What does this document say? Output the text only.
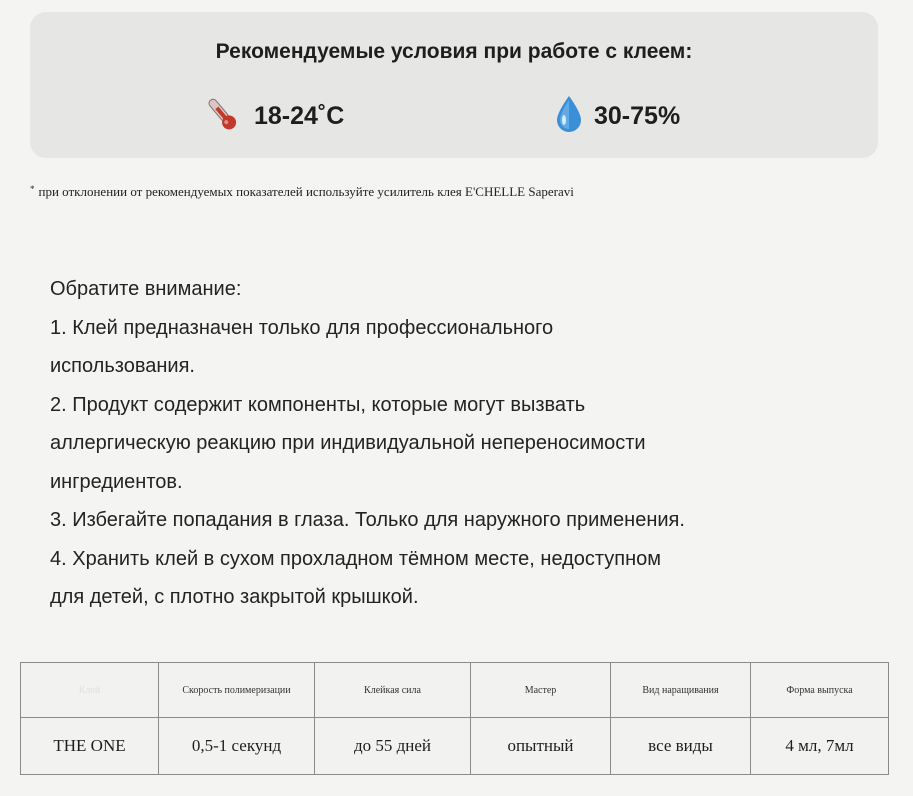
Рекомендуемые условия при работе с клеем:
18-24˚C	30-75%
* при отклонении от рекомендуемых показателей используйте усилитель клея E'CHELLE Saperavi
Обратите внимание:
1. Клей предназначен только для профессионального
использования.
2. Продукт содержит компоненты, которые могут вызвать
аллергическую реакцию при индивидуальной непереносимости
ингредиентов.
3. Избегайте попадания в глаза. Только для наружного применения.
4. Хранить клей в сухом прохладном тёмном месте, недоступном
для детей, с плотно закрытой крышкой.
Клей	Скорость полимеризации	Клейкая сила	Мастер	Вид наращивания	Форма выпуска
THE ONE	0,5-1 секунд	до 55 дней	опытный	все виды	4 мл, 7мл
